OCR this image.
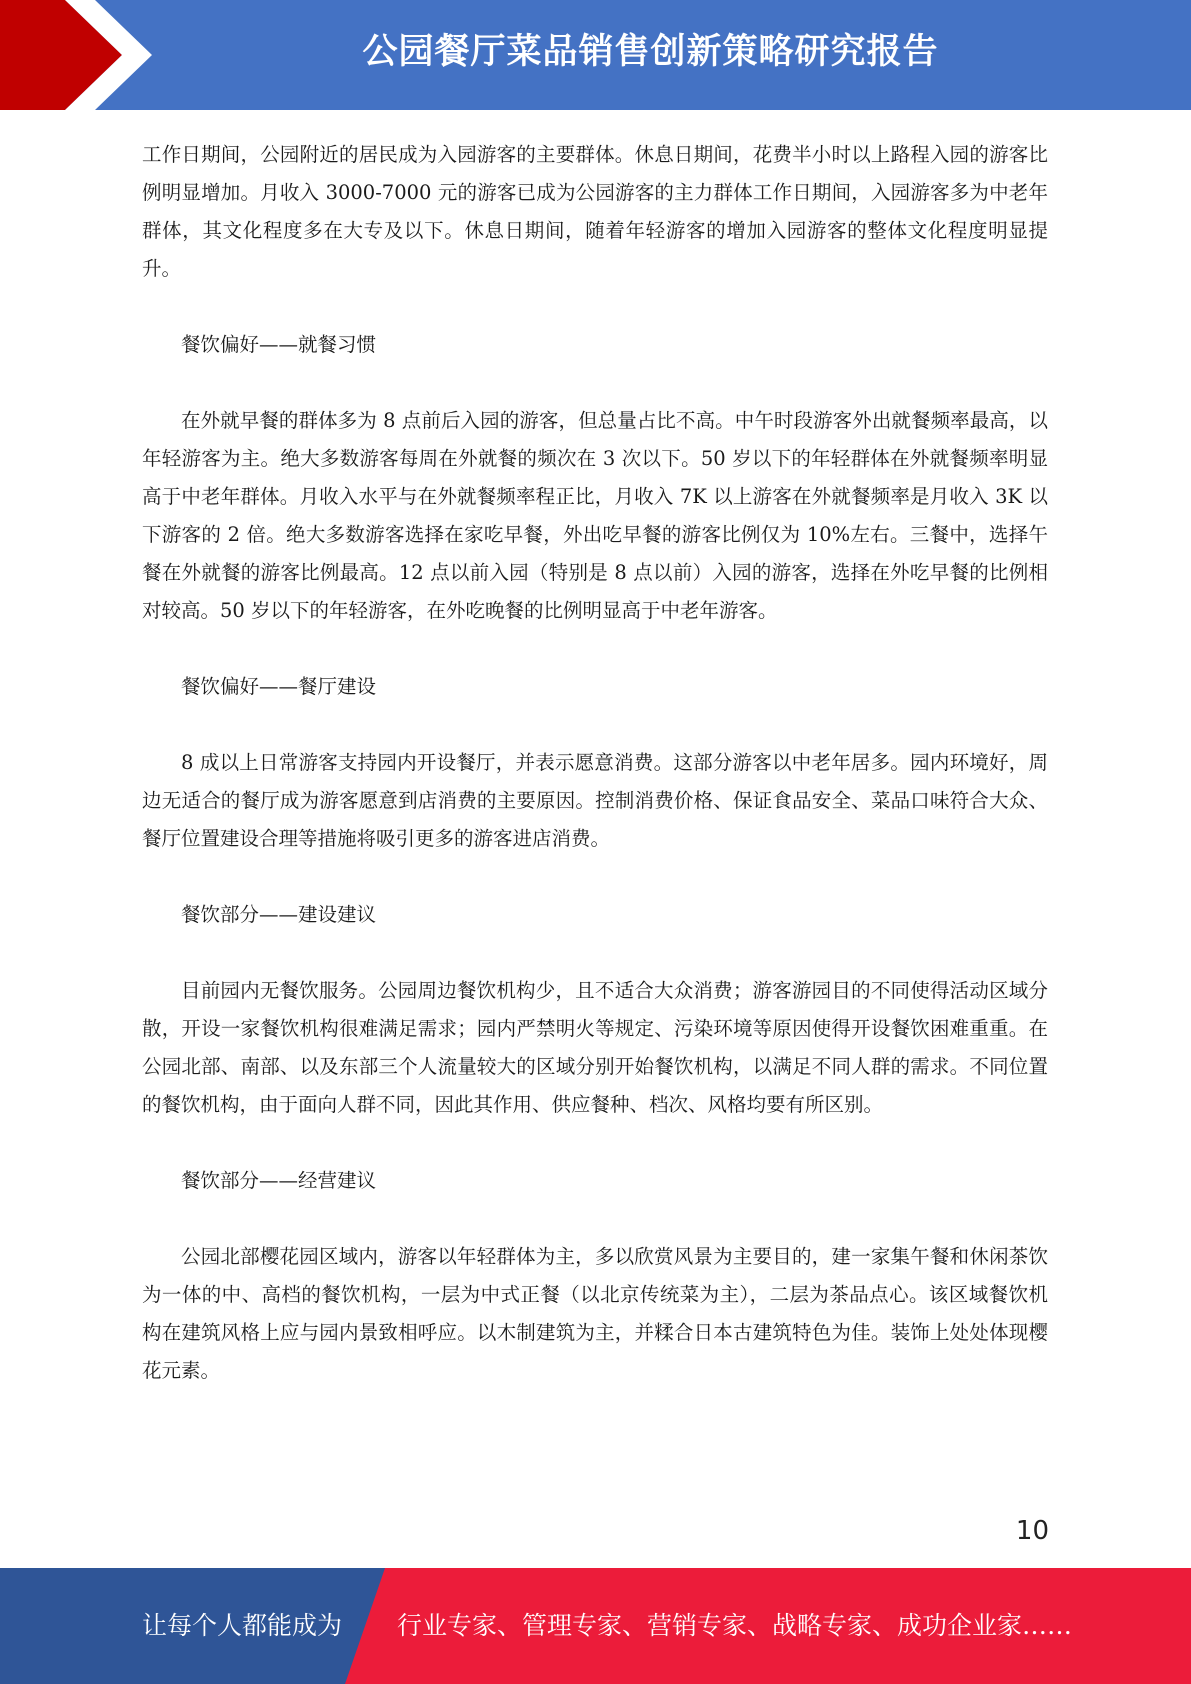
公园餐厅菜品销售创新策略研究报告

工作日期间，公园附近的居民成为入园游客的主要群体。休息日期间，花费半小时以上路程入园的游客比例明显增加。月收入 3000-7000 元的游客已成为公园游客的主力群体工作日期间，入园游客多为中老年群体，其文化程度多在大专及以下。休息日期间，随着年轻游客的增加入园游客的整体文化程度明显提升。

餐饮偏好——就餐习惯

在外就早餐的群体多为 8 点前后入园的游客，但总量占比不高。中午时段游客外出就餐频率最高，以年轻游客为主。绝大多数游客每周在外就餐的频次在 3 次以下。50 岁以下的年轻群体在外就餐频率明显高于中老年群体。月收入水平与在外就餐频率程正比，月收入 7K 以上游客在外就餐频率是月收入 3K 以下游客的 2 倍。绝大多数游客选择在家吃早餐，外出吃早餐的游客比例仅为 10%左右。三餐中，选择午餐在外就餐的游客比例最高。12 点以前入园（特别是 8 点以前）入园的游客，选择在外吃早餐的比例相对较高。50 岁以下的年轻游客，在外吃晚餐的比例明显高于中老年游客。

餐饮偏好——餐厅建设

8 成以上日常游客支持园内开设餐厅，并表示愿意消费。这部分游客以中老年居多。园内环境好，周边无适合的餐厅成为游客愿意到店消费的主要原因。控制消费价格、保证食品安全、菜品口味符合大众、餐厅位置建设合理等措施将吸引更多的游客进店消费。

餐饮部分——建设建议

目前园内无餐饮服务。公园周边餐饮机构少，且不适合大众消费；游客游园目的不同使得活动区域分散，开设一家餐饮机构很难满足需求；园内严禁明火等规定、污染环境等原因使得开设餐饮困难重重。在公园北部、南部、以及东部三个人流量较大的区域分别开始餐饮机构，以满足不同人群的需求。不同位置的餐饮机构，由于面向人群不同，因此其作用、供应餐种、档次、风格均要有所区别。

餐饮部分——经营建议

公园北部樱花园区域内，游客以年轻群体为主，多以欣赏风景为主要目的，建一家集午餐和休闲茶饮为一体的中、高档的餐饮机构，一层为中式正餐（以北京传统菜为主），二层为茶品点心。该区域餐饮机构在建筑风格上应与园内景致相呼应。以木制建筑为主，并糅合日本古建筑特色为佳。装饰上处处体现樱花元素。

10
让每个人都能成为 行业专家、管理专家、营销专家、战略专家、成功企业家……
